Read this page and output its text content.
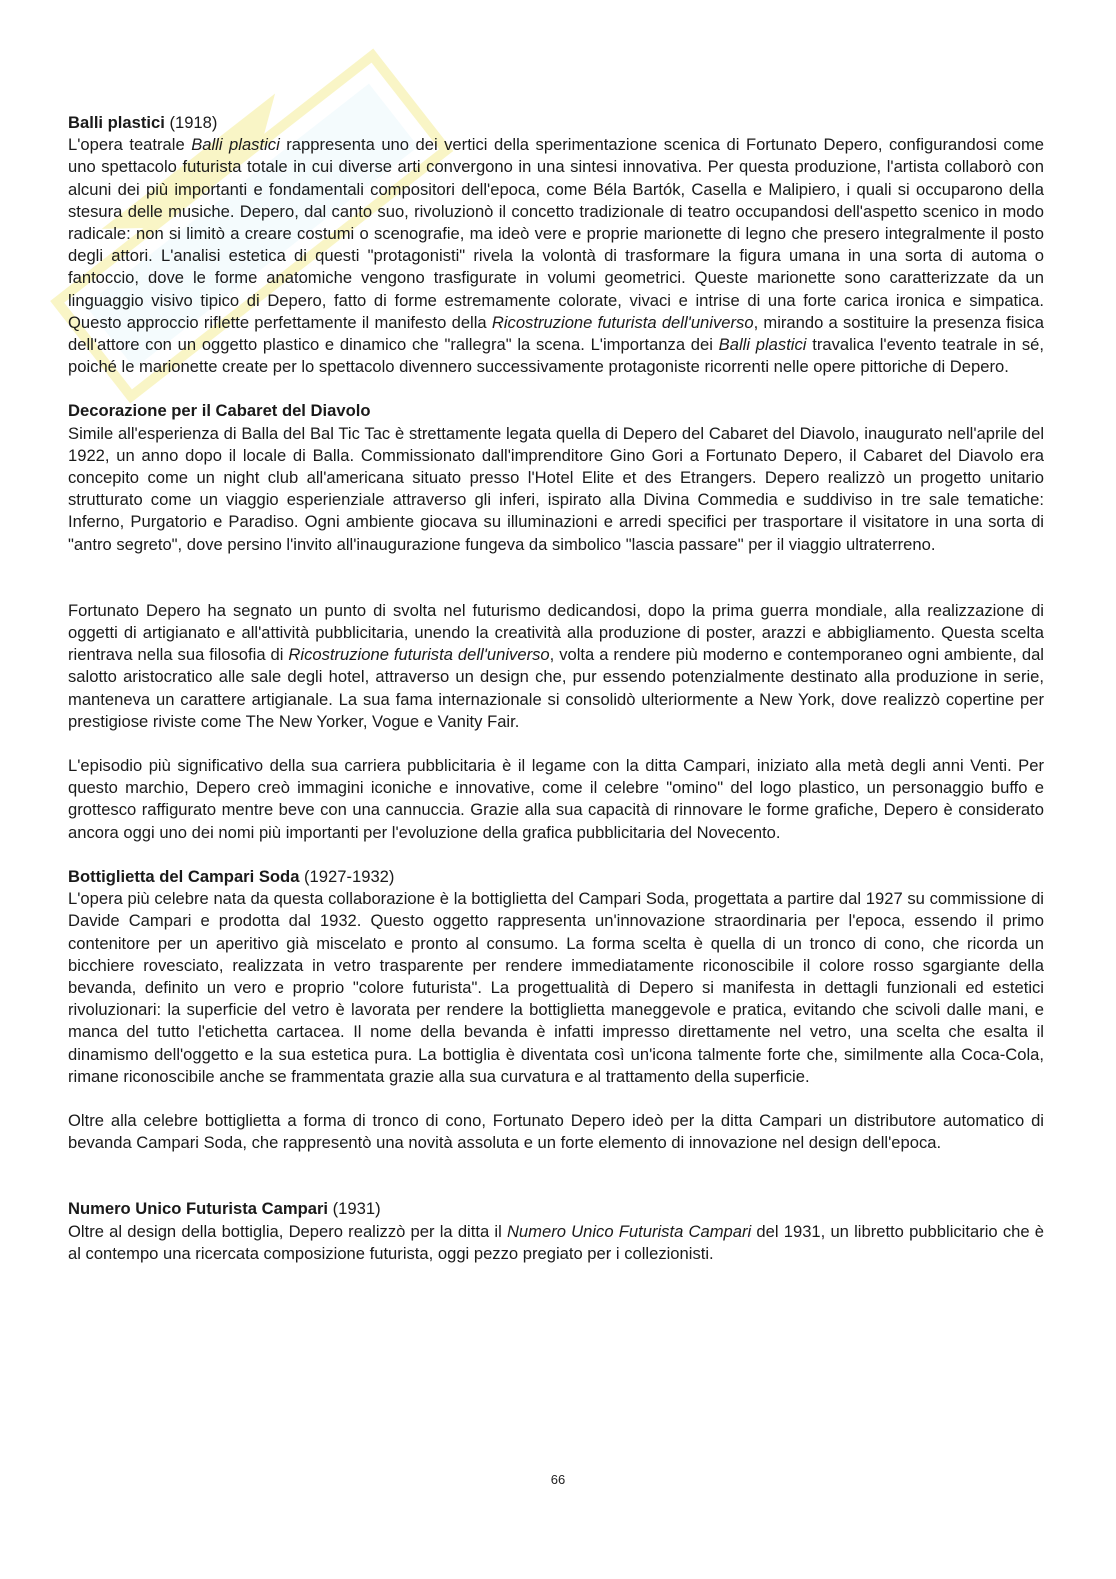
Balli plastici (1918)
L'opera teatrale Balli plastici rappresenta uno dei vertici della sperimentazione scenica di Fortunato Depero, configurandosi come uno spettacolo futurista totale in cui diverse arti convergono in una sintesi innovativa. Per questa produzione, l'artista collaborò con alcuni dei più importanti e fondamentali compositori dell'epoca, come Béla Bartók, Casella e Malipiero, i quali si occuparono della stesura delle musiche. Depero, dal canto suo, rivoluzionò il concetto tradizionale di teatro occupandosi dell'aspetto scenico in modo radicale: non si limitò a creare costumi o scenografie, ma ideò vere e proprie marionette di legno che presero integralmente il posto degli attori. L'analisi estetica di questi "protagonisti" rivela la volontà di trasformare la figura umana in una sorta di automa o fantoccio, dove le forme anatomiche vengono trasfigurate in volumi geometrici. Queste marionette sono caratterizzate da un linguaggio visivo tipico di Depero, fatto di forme estremamente colorate, vivaci e intrise di una forte carica ironica e simpatica. Questo approccio riflette perfettamente il manifesto della Ricostruzione futurista dell'universo, mirando a sostituire la presenza fisica dell'attore con un oggetto plastico e dinamico che "rallegra" la scena. L'importanza dei Balli plastici travalica l'evento teatrale in sé, poiché le marionette create per lo spettacolo divennero successivamente protagoniste ricorrenti nelle opere pittoriche di Depero.

Decorazione per il Cabaret del Diavolo
Simile all'esperienza di Balla del Bal Tic Tac è strettamente legata quella di Depero del Cabaret del Diavolo, inaugurato nell'aprile del 1922, un anno dopo il locale di Balla. Commissionato dall'imprenditore Gino Gori a Fortunato Depero, il Cabaret del Diavolo era concepito come un night club all'americana situato presso l'Hotel Elite et des Etrangers. Depero realizzò un progetto unitario strutturato come un viaggio esperienziale attraverso gli inferi, ispirato alla Divina Commedia e suddiviso in tre sale tematiche: Inferno, Purgatorio e Paradiso. Ogni ambiente giocava su illuminazioni e arredi specifici per trasportare il visitatore in una sorta di "antro segreto", dove persino l'invito all'inaugurazione fungeva da simbolico "lascia passare" per il viaggio ultraterreno.

Fortunato Depero ha segnato un punto di svolta nel futurismo dedicandosi, dopo la prima guerra mondiale, alla realizzazione di oggetti di artigianato e all'attività pubblicitaria, unendo la creatività alla produzione di poster, arazzi e abbigliamento. Questa scelta rientrava nella sua filosofia di Ricostruzione futurista dell'universo, volta a rendere più moderno e contemporaneo ogni ambiente, dal salotto aristocratico alle sale degli hotel, attraverso un design che, pur essendo potenzialmente destinato alla produzione in serie, manteneva un carattere artigianale. La sua fama internazionale si consolidò ulteriormente a New York, dove realizzò copertine per prestigiose riviste come The New Yorker, Vogue e Vanity Fair.

L'episodio più significativo della sua carriera pubblicitaria è il legame con la ditta Campari, iniziato alla metà degli anni Venti. Per questo marchio, Depero creò immagini iconiche e innovative, come il celebre "omino" del logo plastico, un personaggio buffo e grottesco raffigurato mentre beve con una cannuccia. Grazie alla sua capacità di rinnovare le forme grafiche, Depero è considerato ancora oggi uno dei nomi più importanti per l'evoluzione della grafica pubblicitaria del Novecento.

Bottiglietta del Campari Soda (1927-1932)
L'opera più celebre nata da questa collaborazione è la bottiglietta del Campari Soda, progettata a partire dal 1927 su commissione di Davide Campari e prodotta dal 1932. Questo oggetto rappresenta un'innovazione straordinaria per l'epoca, essendo il primo contenitore per un aperitivo già miscelato e pronto al consumo. La forma scelta è quella di un tronco di cono, che ricorda un bicchiere rovesciato, realizzata in vetro trasparente per rendere immediatamente riconoscibile il colore rosso sgargiante della bevanda, definito un vero e proprio "colore futurista". La progettualità di Depero si manifesta in dettagli funzionali ed estetici rivoluzionari: la superficie del vetro è lavorata per rendere la bottiglietta maneggevole e pratica, evitando che scivoli dalle mani, e manca del tutto l'etichetta cartacea. Il nome della bevanda è infatti impresso direttamente nel vetro, una scelta che esalta il dinamismo dell'oggetto e la sua estetica pura. La bottiglia è diventata così un'icona talmente forte che, similmente alla Coca-Cola, rimane riconoscibile anche se frammentata grazie alla sua curvatura e al trattamento della superficie.

Oltre alla celebre bottiglietta a forma di tronco di cono, Fortunato Depero ideò per la ditta Campari un distributore automatico di bevanda Campari Soda, che rappresentò una novità assoluta e un forte elemento di innovazione nel design dell'epoca.

Numero Unico Futurista Campari (1931)
Oltre al design della bottiglia, Depero realizzò per la ditta il Numero Unico Futurista Campari del 1931, un libretto pubblicitario che è al contempo una ricercata composizione futurista, oggi pezzo pregiato per i collezionisti.

66
